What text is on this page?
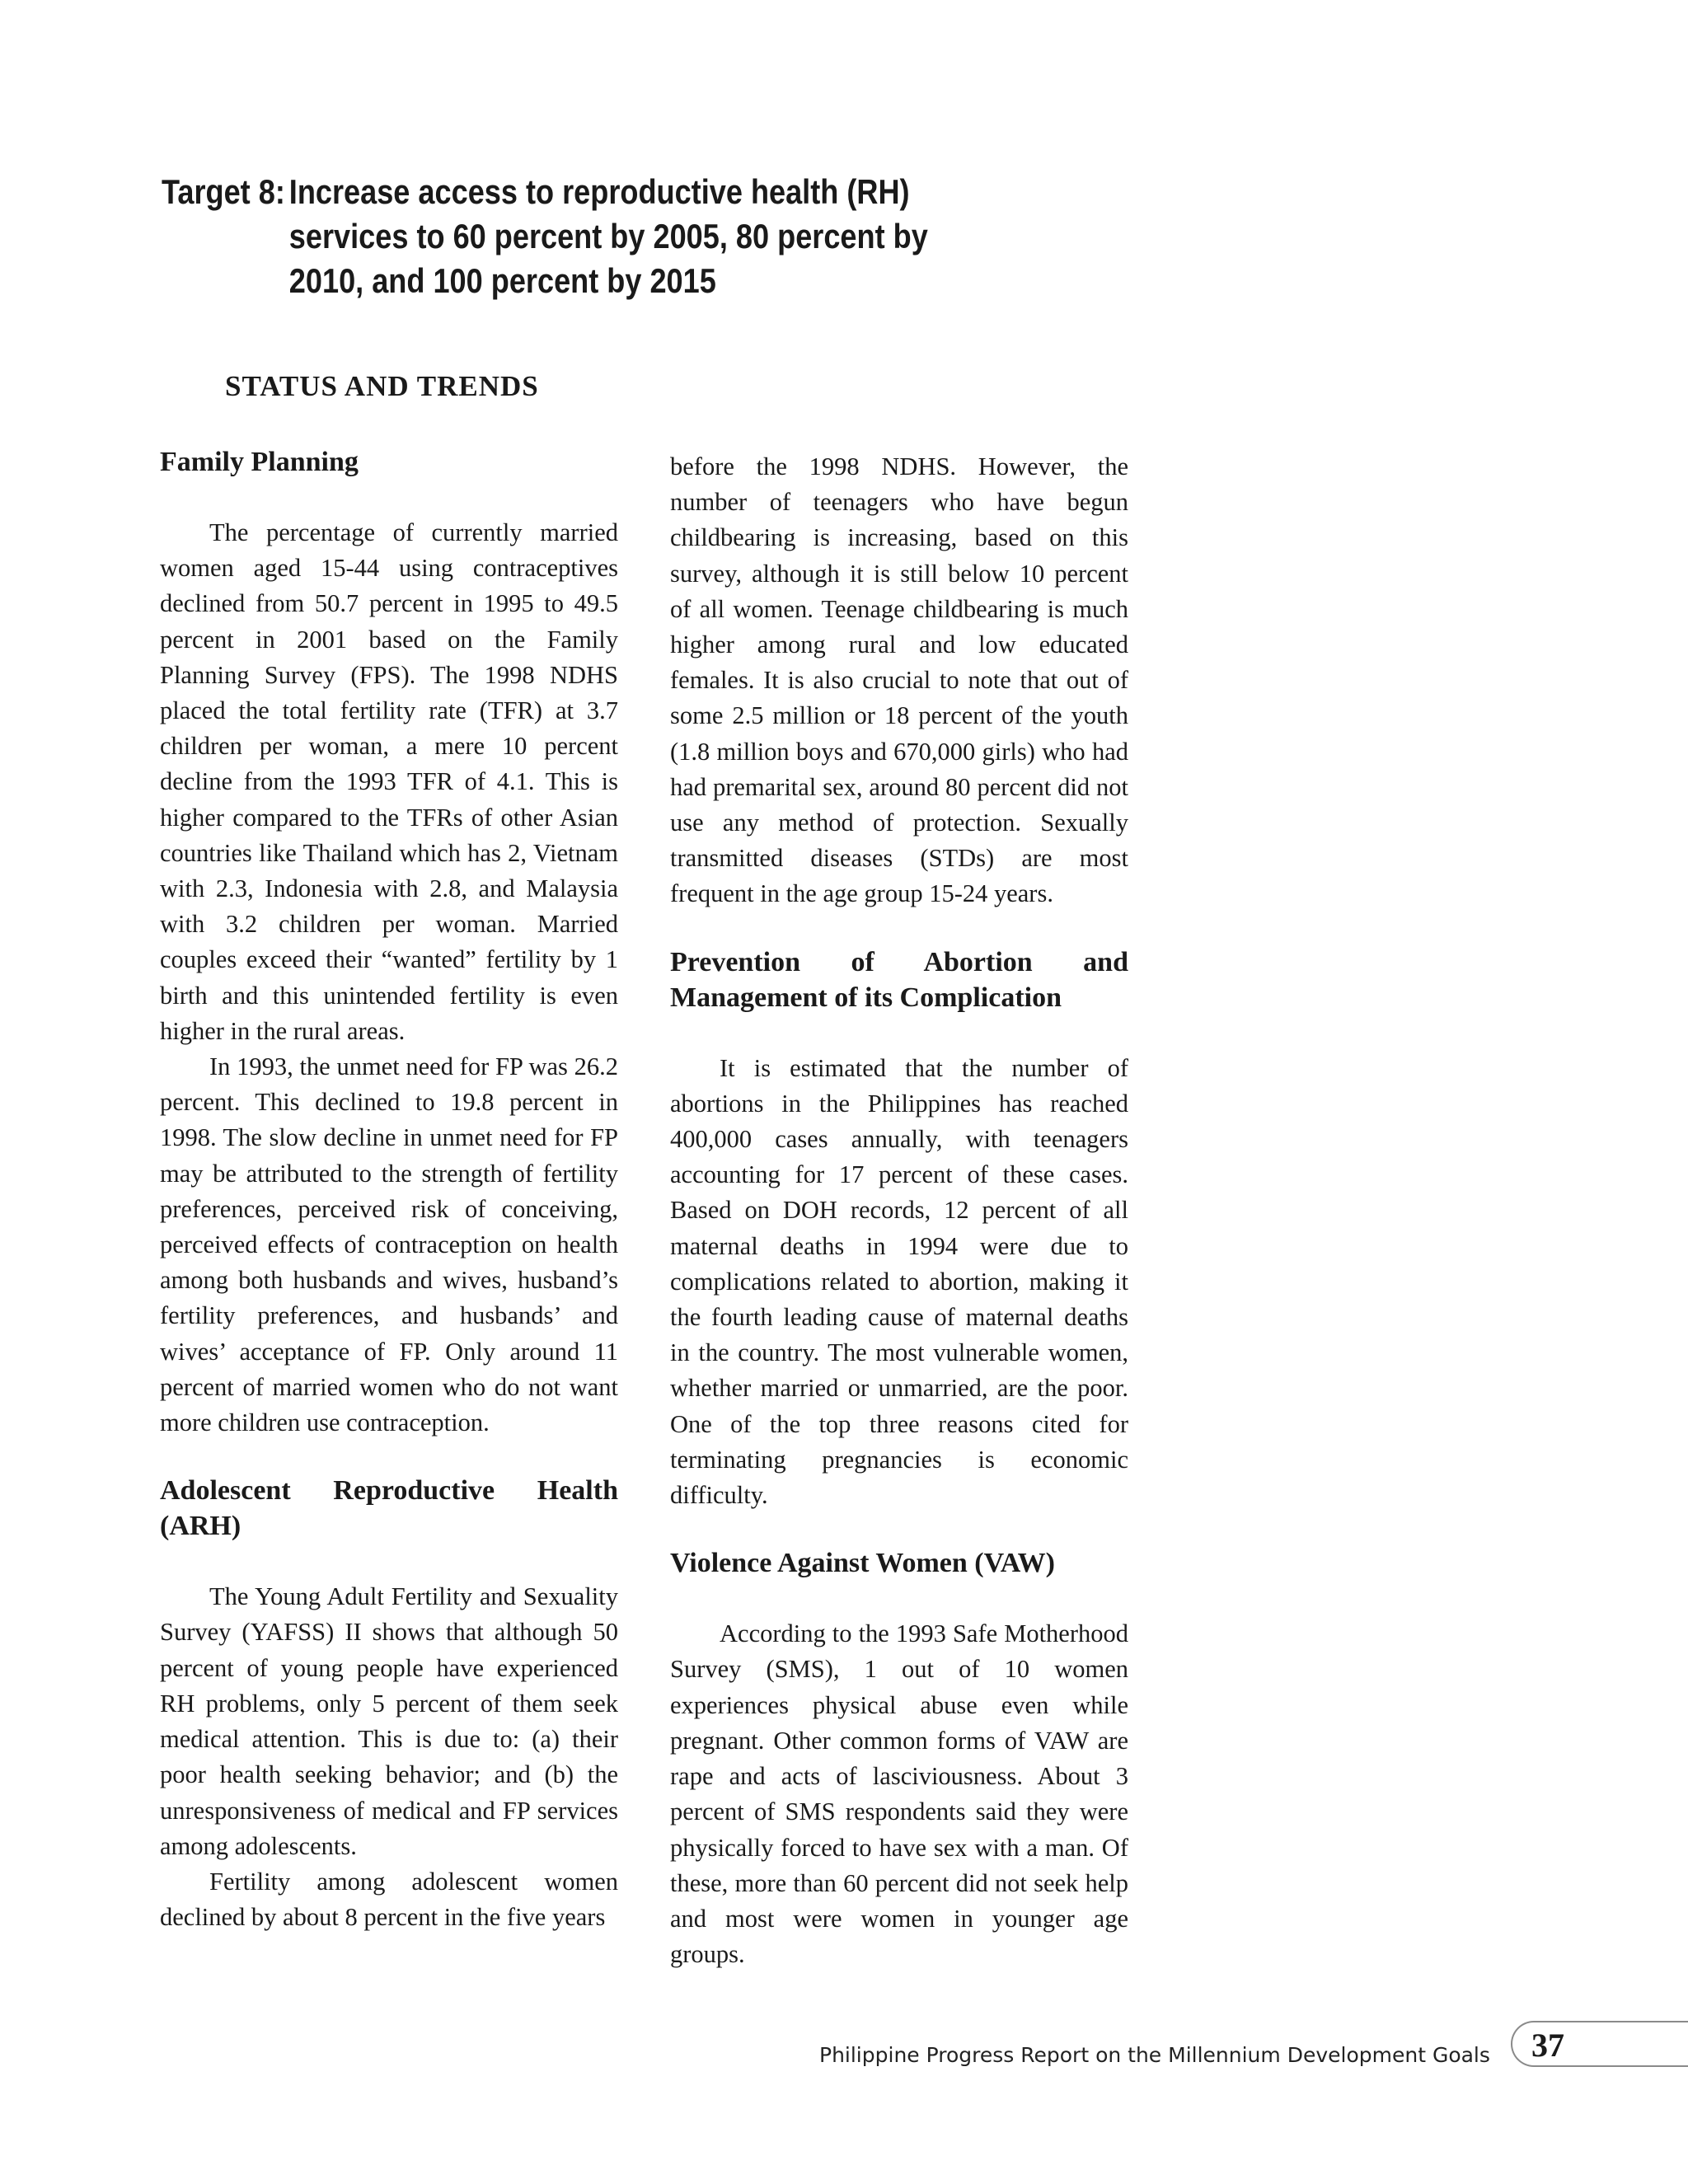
Target 8: Increase access to reproductive health (RH) services to 60 percent by 2005, 80 percent by 2010, and 100 percent by 2015
STATUS AND TRENDS
Family Planning

The percentage of currently married women aged 15-44 using contraceptives declined from 50.7 percent in 1995 to 49.5 percent in 2001 based on the Family Planning Survey (FPS). The 1998 NDHS placed the total fertility rate (TFR) at 3.7 children per woman, a mere 10 percent decline from the 1993 TFR of 4.1. This is higher compared to the TFRs of other Asian countries like Thailand which has 2, Vietnam with 2.3, Indonesia with 2.8, and Malaysia with 3.2 children per woman. Married couples exceed their “wanted” fertility by 1 birth and this unintended fertility is even higher in the rural areas.

In 1993, the unmet need for FP was 26.2 percent. This declined to 19.8 percent in 1998. The slow decline in unmet need for FP may be attributed to the strength of fertility preferences, perceived risk of conceiving, perceived effects of contraception on health among both husbands and wives, husband’s fertility preferences, and husbands’ and wives’ acceptance of FP. Only around 11 percent of married women who do not want more children use contraception.

Adolescent Reproductive Health (ARH)

The Young Adult Fertility and Sexuality Survey (YAFSS) II shows that although 50 percent of young people have experienced RH problems, only 5 percent of them seek medical attention. This is due to: (a) their poor health seeking behavior; and (b) the unresponsiveness of medical and FP services among adolescents.

Fertility among adolescent women declined by about 8 percent in the five years

before the 1998 NDHS. However, the number of teenagers who have begun childbearing is increasing, based on this survey, although it is still below 10 percent of all women. Teenage childbearing is much higher among rural and low educated females. It is also crucial to note that out of some 2.5 million or 18 percent of the youth (1.8 million boys and 670,000 girls) who had had premarital sex, around 80 percent did not use any method of protection. Sexually transmitted diseases (STDs) are most frequent in the age group 15-24 years.

Prevention of Abortion and Management of its Complication

It is estimated that the number of abortions in the Philippines has reached 400,000 cases annually, with teenagers accounting for 17 percent of these cases. Based on DOH records, 12 percent of all maternal deaths in 1994 were due to complications related to abortion, making it the fourth leading cause of maternal deaths in the country. The most vulnerable women, whether married or unmarried, are the poor. One of the top three reasons cited for terminating pregnancies is economic difficulty.

Violence Against Women (VAW)

According to the 1993 Safe Motherhood Survey (SMS), 1 out of 10 women experiences physical abuse even while pregnant. Other common forms of VAW are rape and acts of lasciviousness. About 3 percent of SMS respondents said they were physically forced to have sex with a man. Of these, more than 60 percent did not seek help and most were women in younger age groups.

Philippine Progress Report on the Millennium Development Goals 37
